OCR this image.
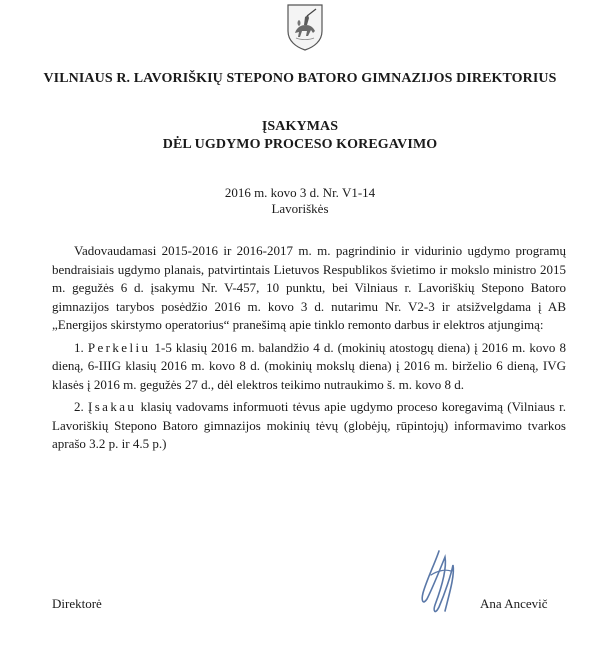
VILNIAUS R. LAVORIŠKIŲ STEPONO BATORO GIMNAZIJOS DIREKTORIUS
ĮSAKYMAS
DĖL UGDYMO PROCESO KOREGAVIMO
2016 m. kovo 3 d. Nr. V1-14
Lavoriškės

Vadovaudamasi 2015-2016 ir 2016-2017 m. m. pagrindinio ir vidurinio ugdymo programų bendraisiais ugdymo planais, patvirtintais Lietuvos Respublikos švietimo ir mokslo ministro 2015 m. gegužės 6 d. įsakymu Nr. V-457, 10 punktu, bei Vilniaus r. Lavoriškių Stepono Batoro gimnazijos tarybos posėdžio 2016 m. kovo 3 d. nutarimu Nr. V2-3 ir atsižvelgdama į AB „Energijos skirstymo operatorius“ pranešimą apie tinklo remonto darbus ir elektros atjungimą:

1. Perkeliu 1-5 klasių 2016 m. balandžio 4 d. (mokinių atostogų diena) į 2016 m. kovo 8 dieną, 6-IIIG klasių 2016 m. kovo 8 d. (mokinių mokslų diena) į 2016 m. birželio 6 dieną, IVG klasės į 2016 m. gegužės 27 d., dėl elektros teikimo nutraukimo š. m. kovo 8 d.

2. Įsakau klasių vadovams informuoti tėvus apie ugdymo proceso koregavimą (Vilniaus r. Lavoriškių Stepono Batoro gimnazijos mokinių tėvų (globėjų, rūpintojų) informavimo tvarkos aprašo 3.2 p. ir 4.5 p.)

Direktorė	Ana Ancevič
